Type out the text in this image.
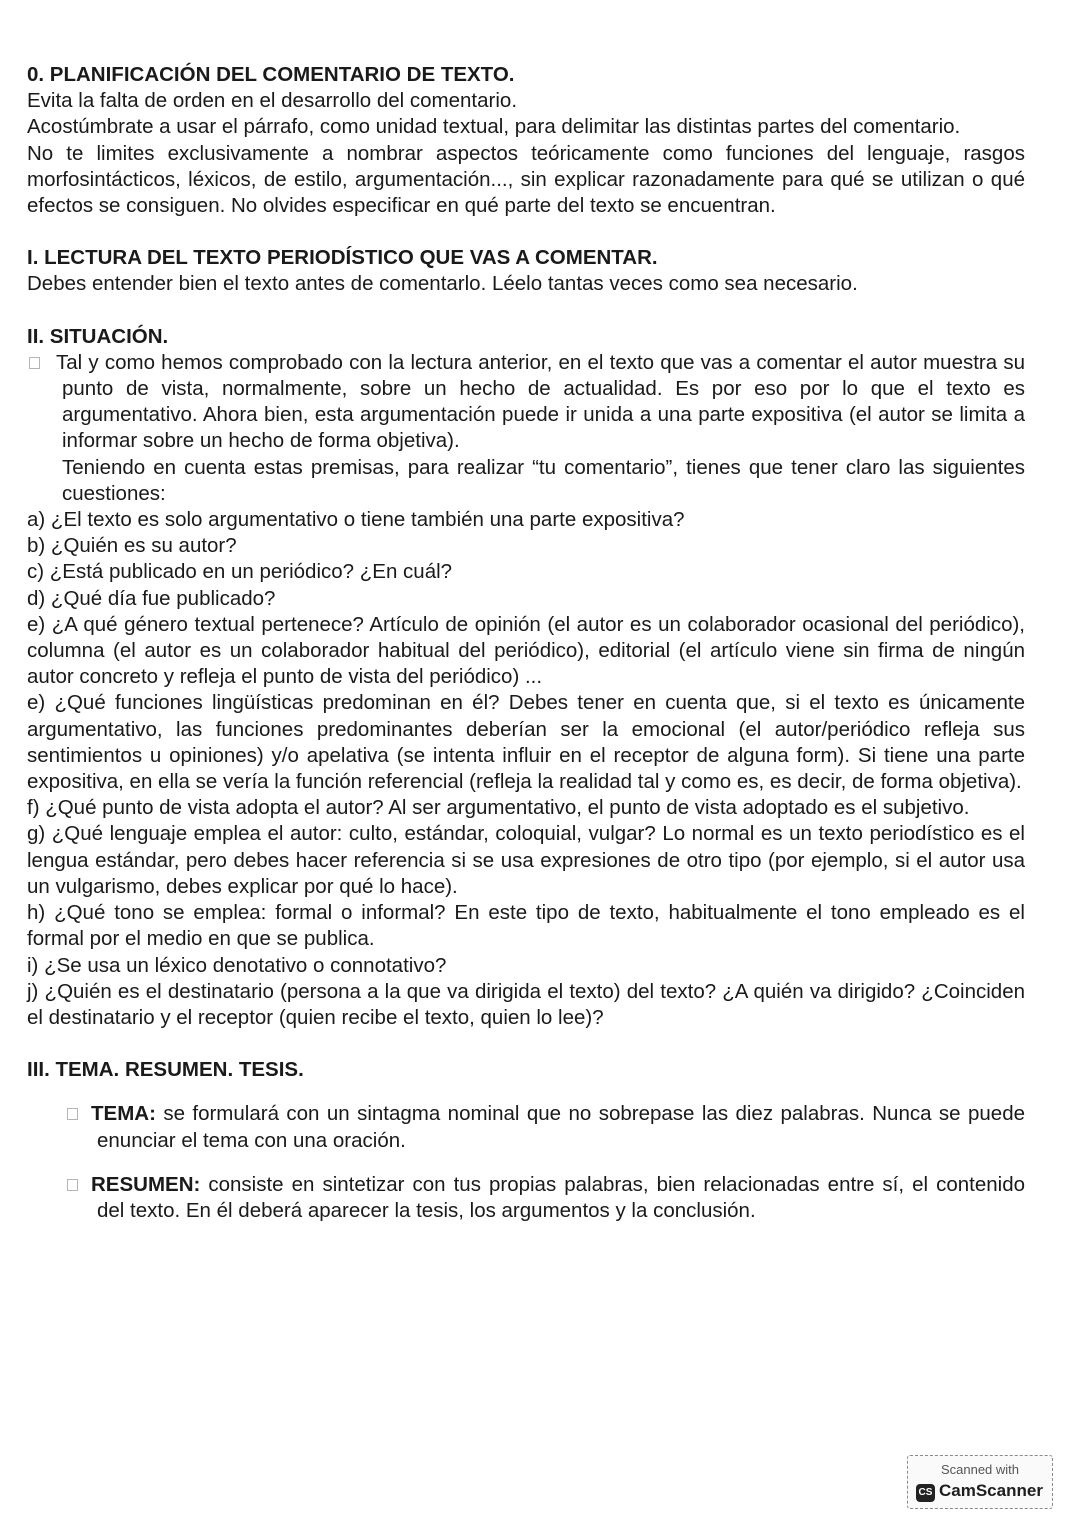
0. PLANIFICACIÓN DEL COMENTARIO DE TEXTO.

Evita la falta de orden en el desarrollo del comentario.

Acostúmbrate a usar el párrafo, como unidad textual, para delimitar las distintas partes del comentario.

No te limites exclusivamente a nombrar aspectos teóricamente como funciones del lenguaje, rasgos morfosintácticos, léxicos, de estilo, argumentación..., sin explicar razonadamente para qué se utilizan o qué efectos se consiguen. No olvides especificar en qué parte del texto se encuentran.

I. LECTURA DEL TEXTO PERIODÍSTICO QUE VAS A COMENTAR.

Debes entender bien el texto antes de comentarlo. Léelo tantas veces como sea necesario.

II. SITUACIÓN.

Tal y como hemos comprobado con la lectura anterior, en el texto que vas a comentar el autor muestra su punto de vista, normalmente, sobre un hecho de actualidad. Es por eso por lo que el texto es argumentativo. Ahora bien, esta argumentación puede ir unida a una parte expositiva (el autor se limita a informar sobre un hecho de forma objetiva).

Teniendo en cuenta estas premisas, para realizar “tu comentario”, tienes que tener claro las siguientes cuestiones:

a) ¿El texto es solo argumentativo o tiene también una parte expositiva?

b) ¿Quién es su autor?

c) ¿Está publicado en un periódico? ¿En cuál?

d) ¿Qué día fue publicado?

e) ¿A qué género textual pertenece? Artículo de opinión (el autor es un colaborador ocasional del periódico), columna (el autor es un colaborador habitual del periódico), editorial (el artículo viene sin firma de ningún autor concreto y refleja el punto de vista del periódico) ...

e) ¿Qué funciones lingüísticas predominan en él? Debes tener en cuenta que, si el texto es únicamente argumentativo, las funciones predominantes deberían ser la emocional (el autor/periódico refleja sus sentimientos u opiniones) y/o apelativa (se intenta influir en el receptor de alguna form). Si tiene una parte expositiva, en ella se vería la función referencial (refleja la realidad tal y como es, es decir, de forma objetiva).

f) ¿Qué punto de vista adopta el autor? Al ser argumentativo, el punto de vista adoptado es el subjetivo.

g) ¿Qué lenguaje emplea el autor: culto, estándar, coloquial, vulgar? Lo normal es un texto periodístico es el lengua estándar, pero debes hacer referencia si se usa expresiones de otro tipo (por ejemplo, si el autor usa un vulgarismo, debes explicar por qué lo hace).

h) ¿Qué tono se emplea: formal o informal? En este tipo de texto, habitualmente el tono empleado es el formal por el medio en que se publica.

i) ¿Se usa un léxico denotativo o connotativo?

j) ¿Quién es el destinatario (persona a la que va dirigida el texto) del texto? ¿A quién va dirigido? ¿Coinciden el destinatario y el receptor (quien recibe el texto, quien lo lee)?

III. TEMA. RESUMEN. TESIS.

TEMA: se formulará con un sintagma nominal que no sobrepase las diez palabras. Nunca se puede enunciar el tema con una oración.

RESUMEN: consiste en sintetizar con tus propias palabras, bien relacionadas entre sí, el contenido del texto. En él deberá aparecer la tesis, los argumentos y la conclusión.

Scanned with
CS CamScanner
